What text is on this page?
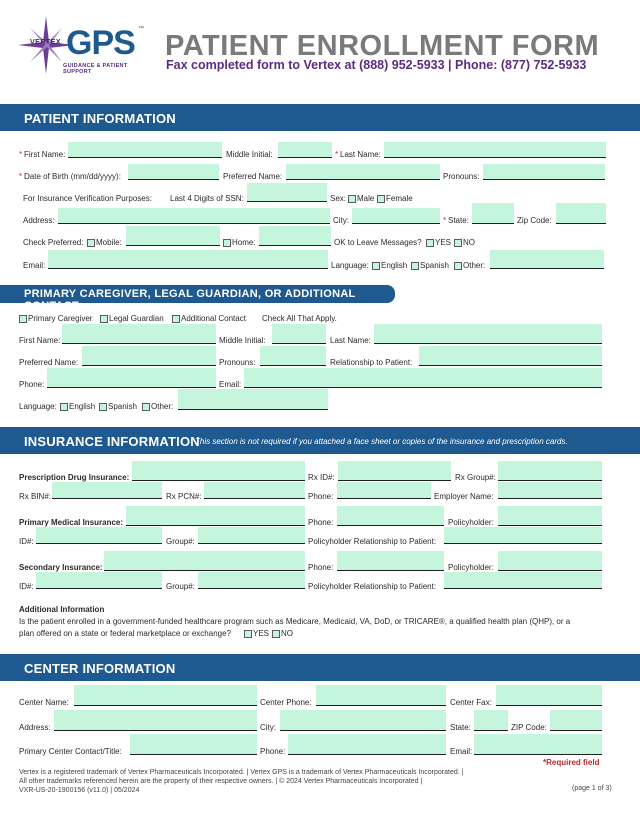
VERTEX GPS ™
GUIDANCE & PATIENT SUPPORT
PATIENT ENROLLMENT FORM
Fax completed form to Vertex at (888) 952-5933 | Phone: (877) 752-5933
PATIENT INFORMATION
* First Name:	Middle Initial:	* Last Name:
* Date of Birth (mm/dd/yyyy):	Preferred Name:	Pronouns:
For Insurance Verification Purposes: Last 4 Digits of SSN:	Sex: Male Female
Address:	City:	* State:	Zip Code:
Check Preferred: Mobile:	Home:	OK to Leave Messages? YES NO
Email:	Language: English Spanish Other:
PRIMARY CAREGIVER, LEGAL GUARDIAN, OR ADDITIONAL CONTACT
Primary Caregiver Legal Guardian Additional Contact Check All That Apply.
First Name:	Middle Initial:	Last Name:
Preferred Name:	Pronouns:	Relationship to Patient:
Phone:	Email:
Language: English Spanish Other:
INSURANCE INFORMATION
This section is not required if you attached a face sheet or copies of the insurance and prescription cards.
Prescription Drug Insurance:	Rx ID#:	Rx Group#:
Rx BIN#:	Rx PCN#:	Phone:	Employer Name:
Primary Medical Insurance:	Phone:	Policyholder:
ID#:	Group#:	Policyholder Relationship to Patient:
Secondary Insurance:	Phone:	Policyholder:
ID#:	Group#:	Policyholder Relationship to Patient:
Additional Information
Is the patient enrolled in a government-funded healthcare program such as Medicare, Medicaid, VA, DoD, or TRICARE®, a qualified health plan (QHP), or a
plan offered on a state or federal marketplace or exchange?	YES NO
CENTER INFORMATION
Center Name:	Center Phone:	Center Fax:
Address:	City:	State:	ZIP Code:
Primary Center Contact/Title:	Phone:	Email:
*Required field
Vertex is a registered trademark of Vertex Pharmaceuticals Incorporated. | Vertex GPS is a trademark of Vertex Pharmaceuticals Incorporated. |
All other trademarks referenced herein are the property of their respective owners. | © 2024 Vertex Pharmaceuticals Incorporated |
VXR-US-20-1900156 (v11.0) | 05/2024	(page 1 of 3)
